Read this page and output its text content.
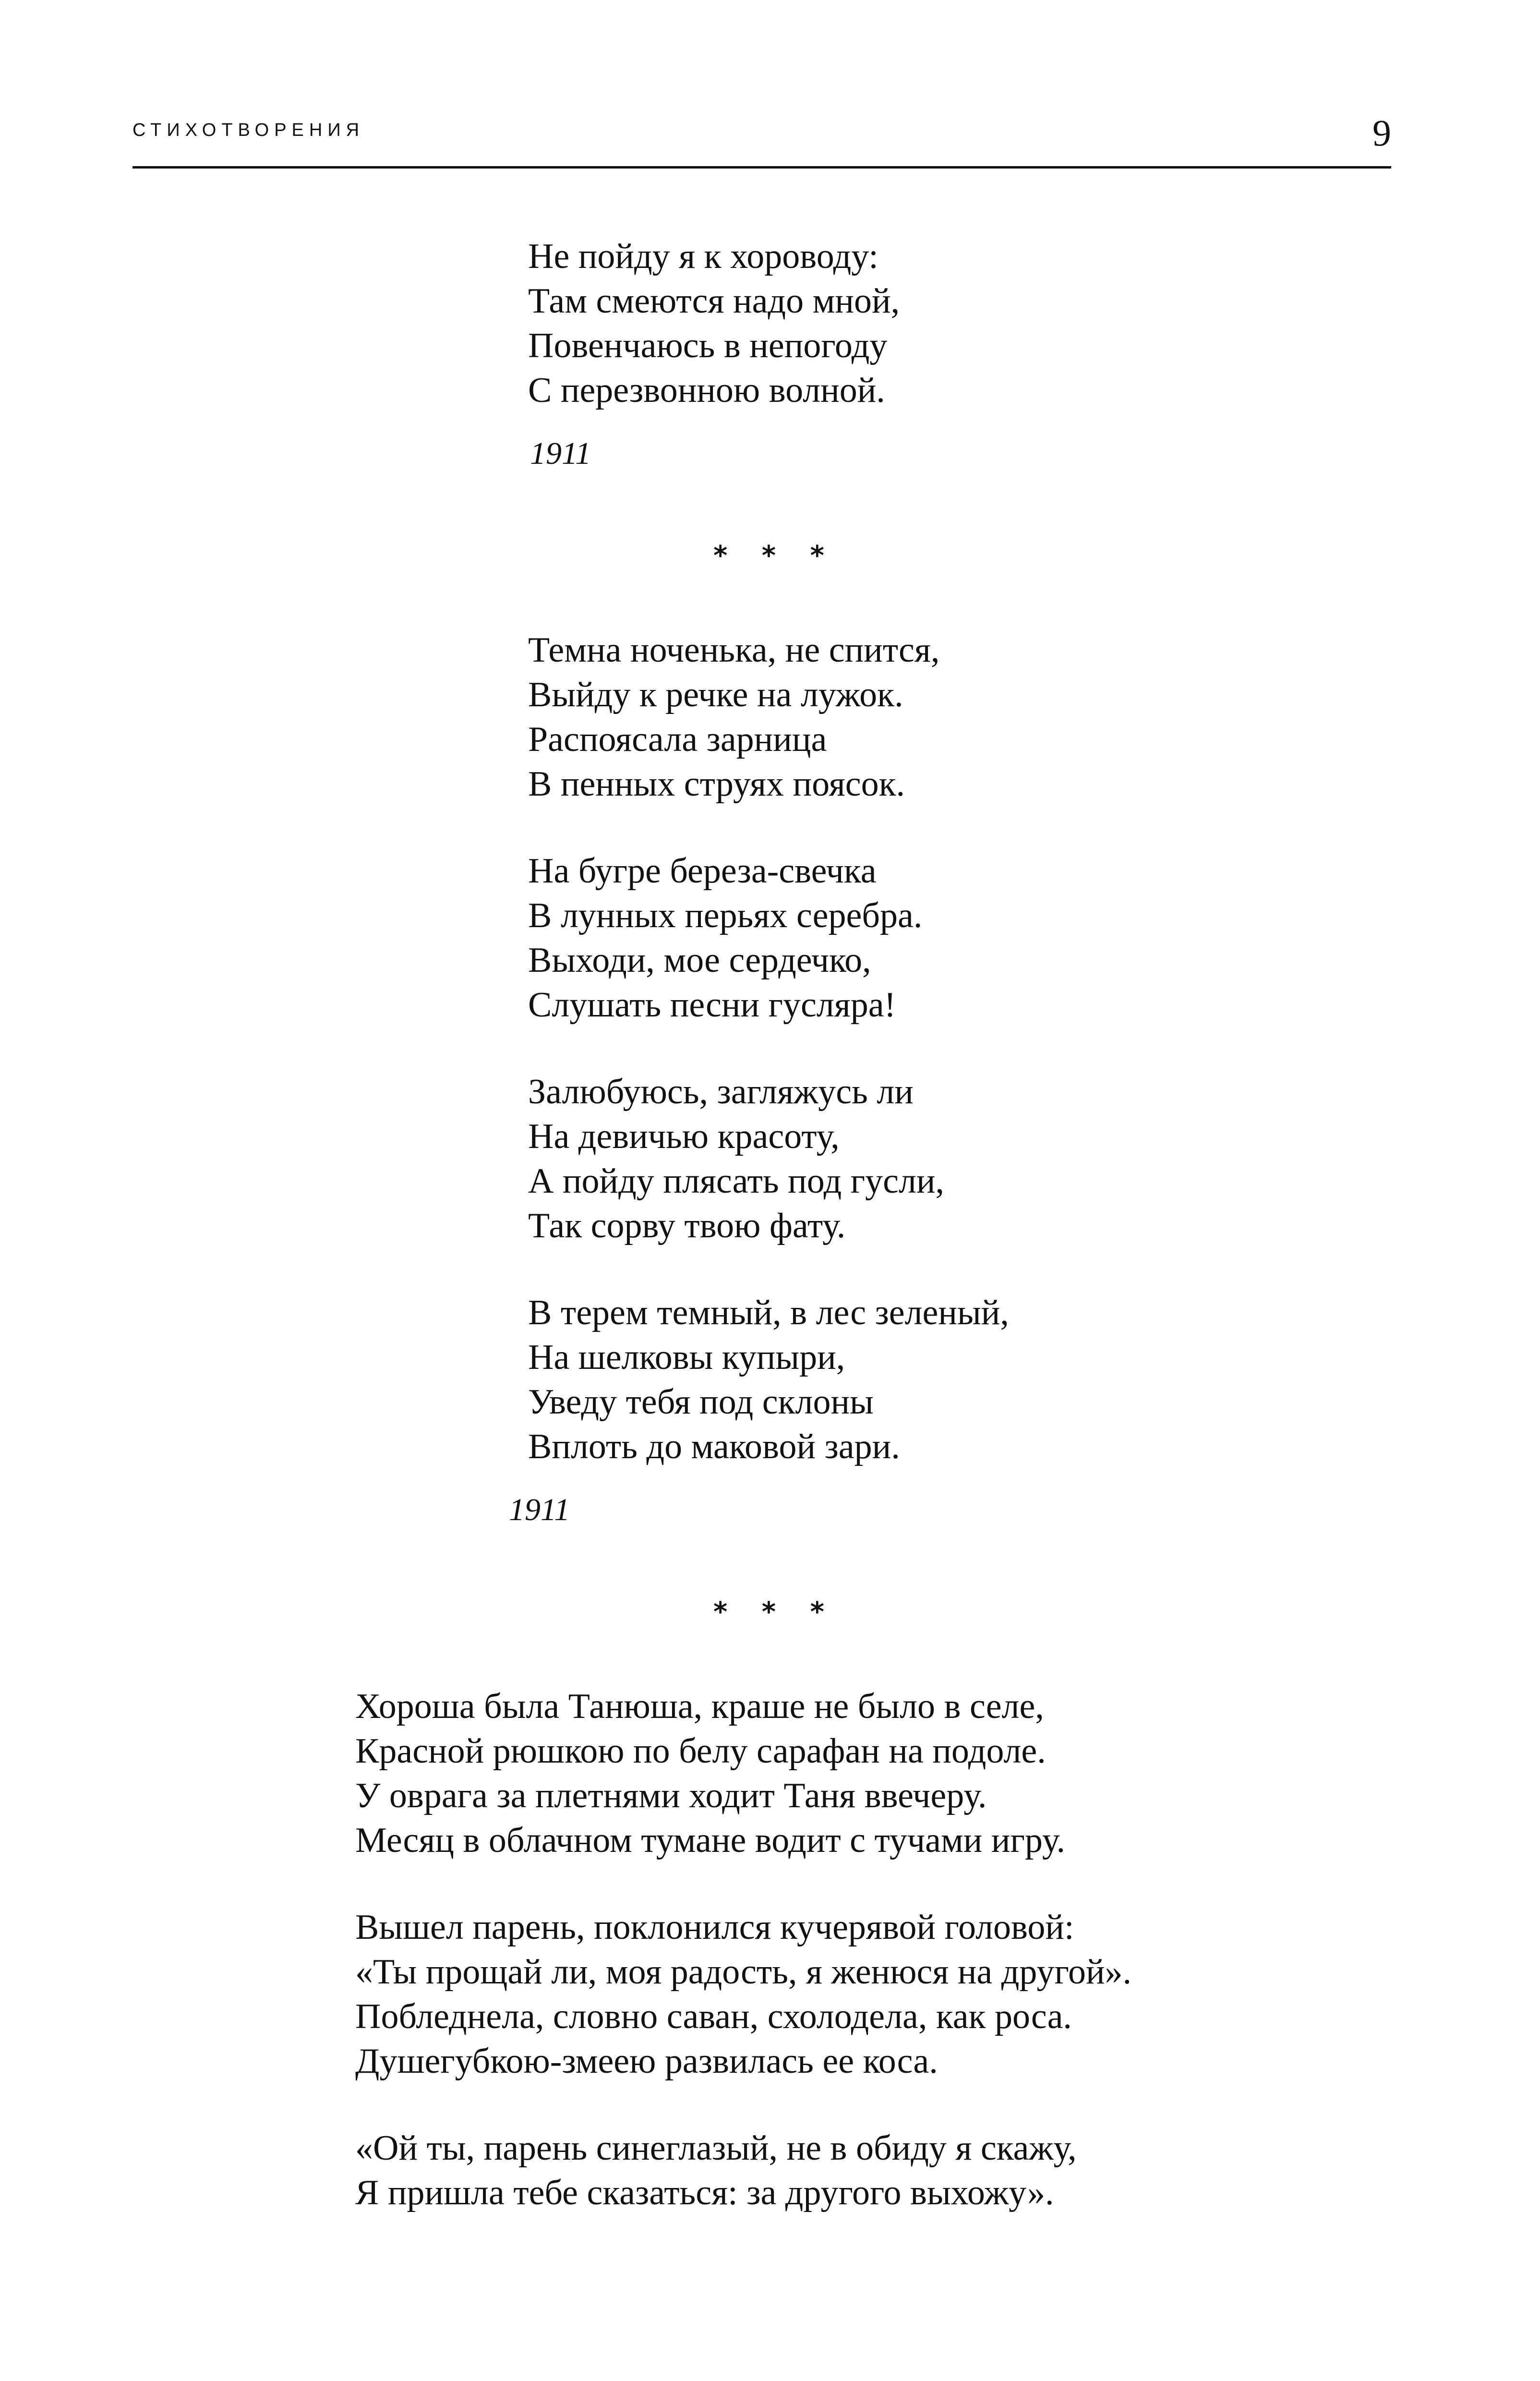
СТИХОТВОРЕНИЯ	9
Не пойду я к хороводу:
Там смеются надо мной,
Повенчаюсь в непогоду
С перезвонною волной.
1911
* * *
Темна ноченька, не спится,
Выйду к речке на лужок.
Распоясала зарница
В пенных струях поясок.
На бугре береза-свечка
В лунных перьях серебра.
Выходи, мое сердечко,
Слушать песни гусляра!
Залюбуюсь, загляжусь ли
На девичью красоту,
А пойду плясать под гусли,
Так сорву твою фату.
В терем темный, в лес зеленый,
На шелковы купыри,
Уведу тебя под склоны
Вплоть до маковой зари.
1911
* * *
Хороша была Танюша, краше не было в селе,
Красной рюшкою по белу сарафан на подоле.
У оврага за плетнями ходит Таня ввечеру.
Месяц в облачном тумане водит с тучами игру.
Вышел парень, поклонился кучерявой головой:
«Ты прощай ли, моя радость, я женюся на другой».
Побледнела, словно саван, схолодела, как роса.
Душегубкою-змеею развилась ее коса.
«Ой ты, парень синеглазый, не в обиду я скажу,
Я пришла тебе сказаться: за другого выхожу».
